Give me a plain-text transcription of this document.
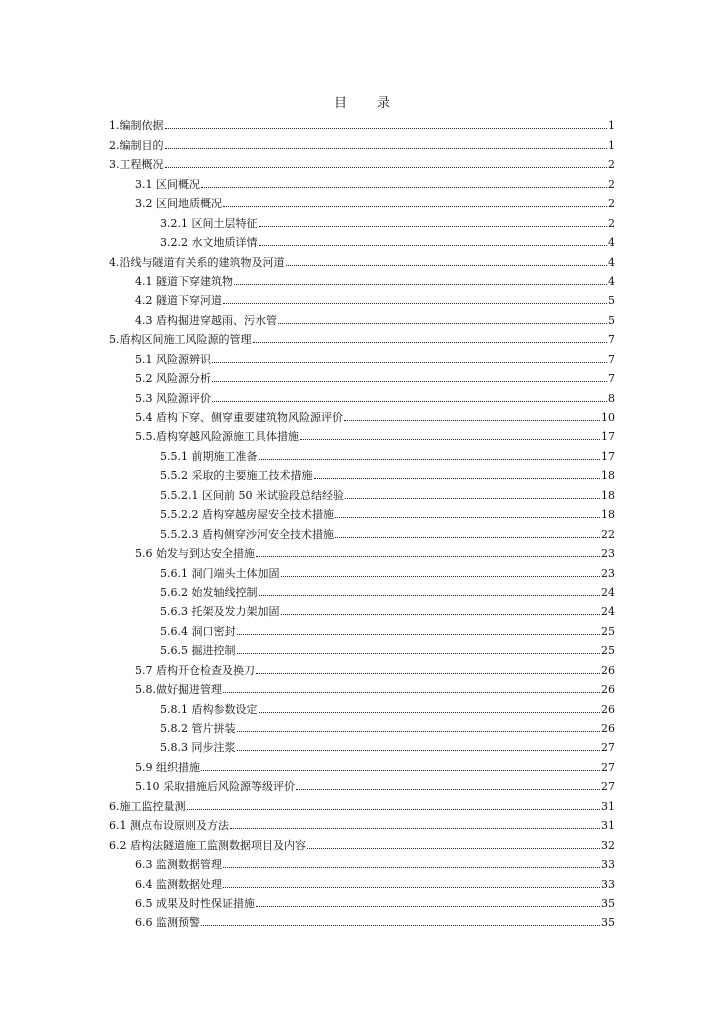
目 录
1.编制依据	1
2.编制目的	1
3.工程概况	2
3.1 区间概况	2
3.2 区间地质概况	2
3.2.1 区间土层特征	2
3.2.2 水文地质详情	4
4.沿线与隧道有关系的建筑物及河道	4
4.1 隧道下穿建筑物	4
4.2 隧道下穿河道	5
4.3 盾构掘进穿越雨、污水管	5
5.盾构区间施工风险源的管理	7
5.1 风险源辨识	7
5.2 风险源分析	7
5.3 风险源评价	8
5.4 盾构下穿、侧穿重要建筑物风险源评价	10
5.5.盾构穿越风险源施工具体措施	17
5.5.1 前期施工准备	17
5.5.2 采取的主要施工技术措施	18
5.5.2.1 区间前 50 米试验段总结经验	18
5.5.2.2 盾构穿越房屋安全技术措施	18
5.5.2.3 盾构侧穿沙河安全技术措施	22
5.6 始发与到达安全措施	23
5.6.1 洞门端头土体加固	23
5.6.2 始发轴线控制	24
5.6.3 托架及发力架加固	24
5.6.4 洞口密封	25
5.6.5 掘进控制	25
5.7 盾构开仓检查及换刀	26
5.8.做好掘进管理	26
5.8.1 盾构参数设定	26
5.8.2 管片拼装	26
5.8.3 同步注浆	27
5.9 组织措施	27
5.10 采取措施后风险源等级评价	27
6.施工监控量测	31
6.1 测点布设原则及方法	31
6.2 盾构法隧道施工监测数据项目及内容	32
6.3 监测数据管理	33
6.4 监测数据处理	33
6.5 成果及时性保证措施	35
6.6 监测预警	35
